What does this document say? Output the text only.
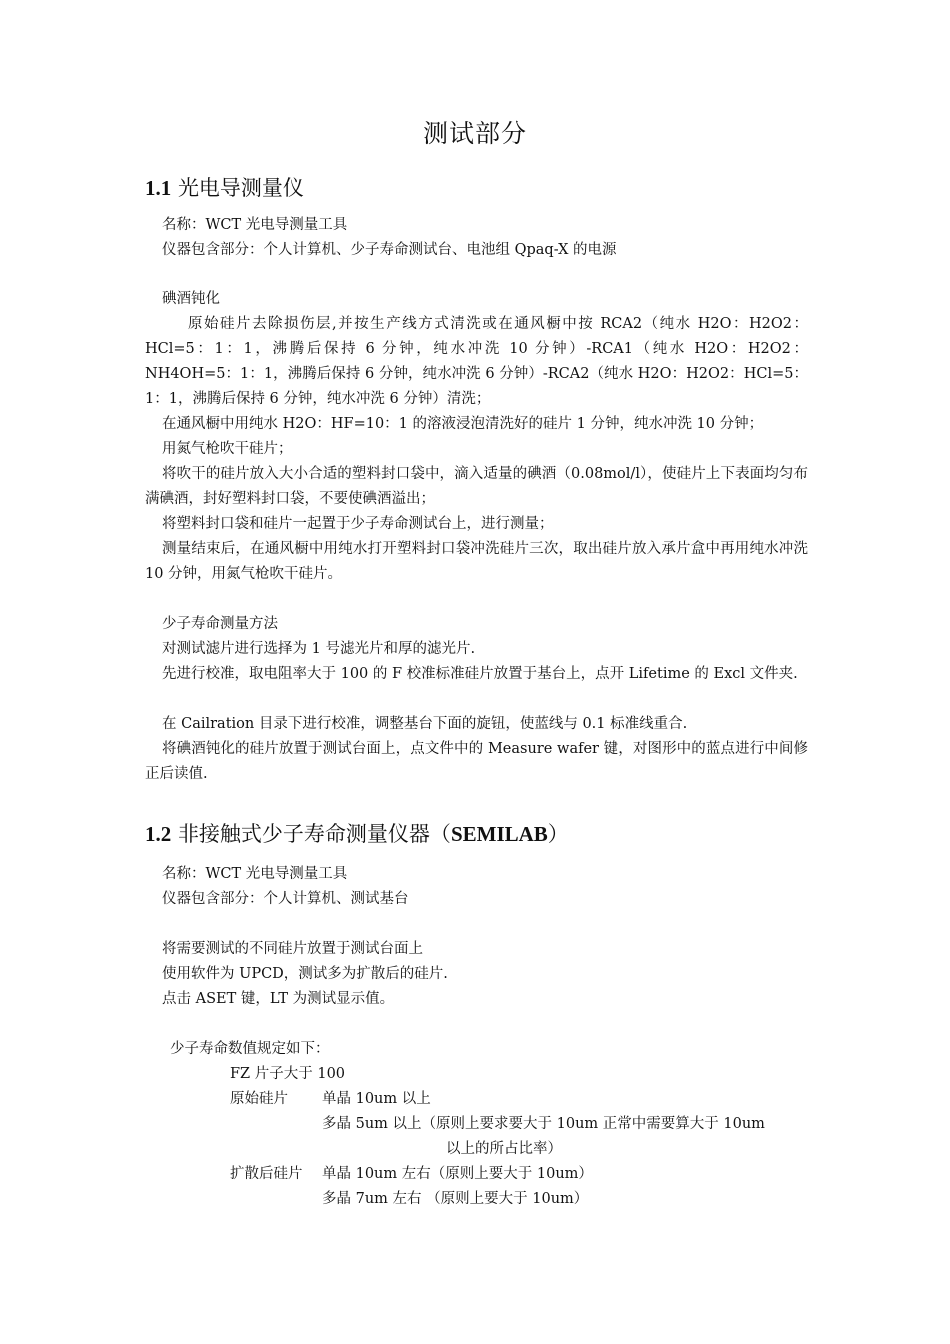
测试部分
1.1 光电导测量仪
名称：WCT 光电导测量工具
仪器包含部分：个人计算机、少子寿命测试台、电池组 Qpaq-X 的电源
碘酒钝化
原始硅片去除损伤层,并按生产线方式清洗或在通风橱中按 RCA2（纯水 H2O：H2O2：HCl=5：1：1，沸腾后保持 6 分钟，纯水冲洗 10 分钟）-RCA1（纯水 H2O：H2O2：NH4OH=5：1：1，沸腾后保持 6 分钟，纯水冲洗 6 分钟）-RCA2（纯水 H2O：H2O2：HCl=5：1：1，沸腾后保持 6 分钟，纯水冲洗 6 分钟）清洗；
在通风橱中用纯水 H2O：HF=10：1 的溶液浸泡清洗好的硅片 1 分钟，纯水冲洗 10 分钟；
用氮气枪吹干硅片；
将吹干的硅片放入大小合适的塑料封口袋中，滴入适量的碘酒（0.08mol/l），使硅片上下表面均匀布满碘酒，封好塑料封口袋，不要使碘酒溢出；
将塑料封口袋和硅片一起置于少子寿命测试台上，进行测量；
测量结束后，在通风橱中用纯水打开塑料封口袋冲洗硅片三次，取出硅片放入承片盒中再用纯水冲洗 10 分钟，用氮气枪吹干硅片。
少子寿命测量方法
对测试滤片进行选择为 1 号滤光片和厚的滤光片.
先进行校准，取电阻率大于 100 的 F 校准标准硅片放置于基台上，点开 Lifetime 的 Excl 文件夹.
在 Cailration 目录下进行校准，调整基台下面的旋钮，使蓝线与 0.1 标准线重合.
将碘酒钝化的硅片放置于测试台面上，点文件中的 Measure wafer 键，对图形中的蓝点进行中间修正后读值.
1.2 非接触式少子寿命测量仪器（SEMILAB）
名称：WCT 光电导测量工具
仪器包含部分：个人计算机、测试基台
将需要测试的不同硅片放置于测试台面上
使用软件为 UPCD，测试多为扩散后的硅片.
点击 ASET 键，LT 为测试显示值。
少子寿命数值规定如下：
FZ 片子大于 100
原始硅片 单晶 10um 以上
多晶 5um 以上（原则上要求要大于 10um 正常中需要算大于 10um
以上的所占比率）
扩散后硅片 单晶 10um 左右（原则上要大于 10um）
多晶 7um 左右 （原则上要大于 10um）
